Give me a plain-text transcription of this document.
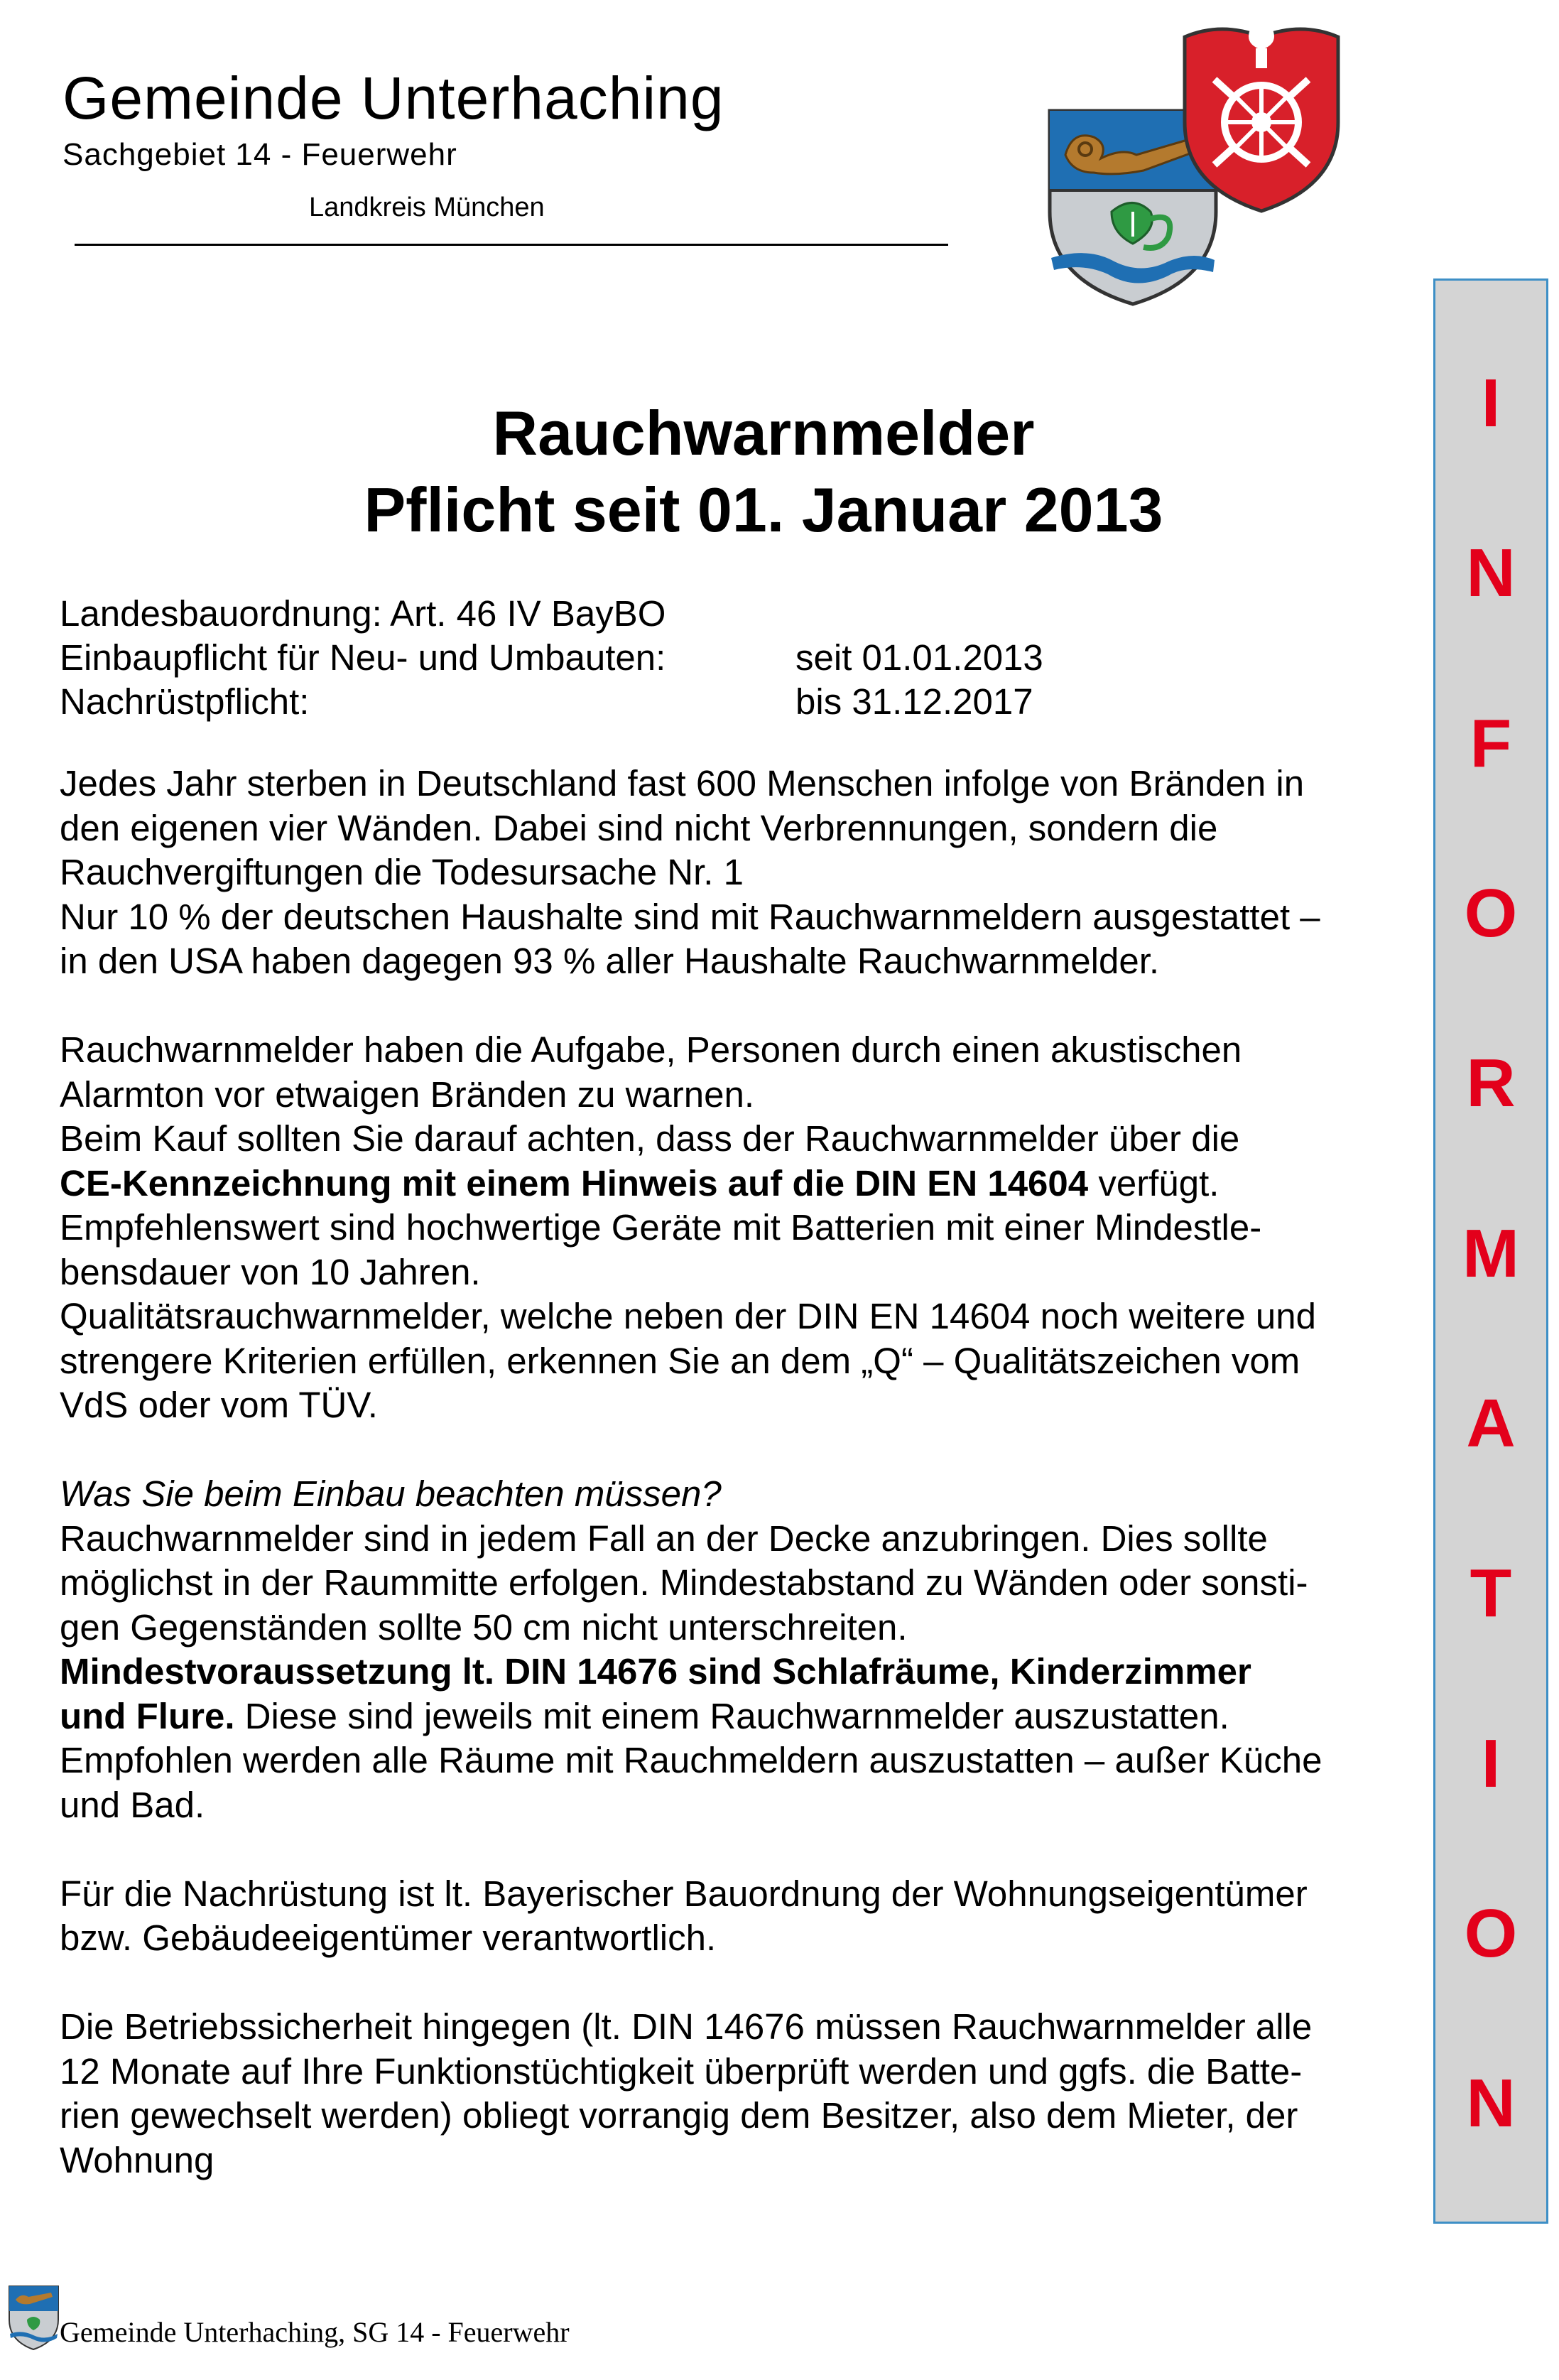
Gemeinde Unterhaching
Sachgebiet 14 - Feuerwehr
Landkreis München
Rauchwarnmelder
Pflicht seit 01. Januar 2013
Landesbauordnung: Art. 46 IV BayBO
Einbaupflicht für Neu- und Umbauten:	seit 01.01.2013
Nachrüstpflicht:	bis 31.12.2017
Jedes Jahr sterben in Deutschland fast 600 Menschen infolge von Bränden in
den eigenen vier Wänden. Dabei sind nicht Verbrennungen, sondern die
Rauchvergiftungen die Todesursache Nr. 1
Nur 10 % der deutschen Haushalte sind mit Rauchwarnmeldern ausgestattet –
in den USA haben dagegen 93 % aller Haushalte Rauchwarnmelder.
Rauchwarnmelder haben die Aufgabe, Personen durch einen akustischen
Alarmton vor etwaigen Bränden zu warnen.
Beim Kauf sollten Sie darauf achten, dass der Rauchwarnmelder über die
CE-Kennzeichnung mit einem Hinweis auf die DIN EN 14604 verfügt.
Empfehlenswert sind hochwertige Geräte mit Batterien mit einer Mindestle-
bensdauer von 10 Jahren.
Qualitätsrauchwarnmelder, welche neben der DIN EN 14604 noch weitere und
strengere Kriterien erfüllen, erkennen Sie an dem „Q“ – Qualitätszeichen vom
VdS oder vom TÜV.
Was Sie beim Einbau beachten müssen?
Rauchwarnmelder sind in jedem Fall an der Decke anzubringen. Dies sollte
möglichst in der Raummitte erfolgen. Mindestabstand zu Wänden oder sonsti-
gen Gegenständen sollte 50 cm nicht unterschreiten.
Mindestvoraussetzung lt. DIN 14676 sind Schlafräume, Kinderzimmer
und Flure. Diese sind jeweils mit einem Rauchwarnmelder auszustatten.
Empfohlen werden alle Räume mit Rauchmeldern auszustatten – außer Küche
und Bad.
Für die Nachrüstung ist lt. Bayerischer Bauordnung der Wohnungseigentümer
bzw. Gebäudeeigentümer verantwortlich.
Die Betriebssicherheit hingegen (lt. DIN 14676 müssen Rauchwarnmelder alle
12 Monate auf Ihre Funktionstüchtigkeit überprüft werden und ggfs. die Batte-
rien gewechselt werden) obliegt vorrangig dem Besitzer, also dem Mieter, der
Wohnung
I
N
F
O
R
M
A
T
I
O
N
Gemeinde Unterhaching, SG 14 - Feuerwehr
